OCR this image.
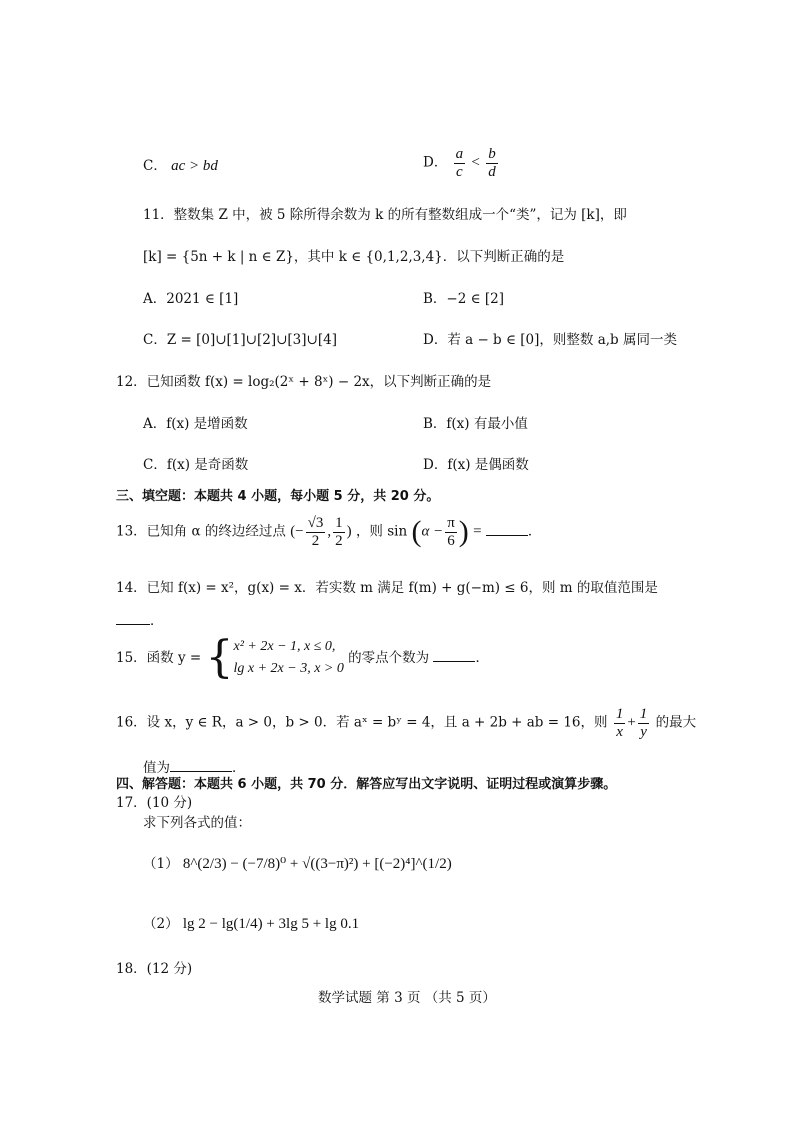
C． ac > bd	D． $\frac{a}{c} < \frac{b}{d}$
11．整数集 Z 中，被 5 除所得余数为 k 的所有整数组成一个“类”，记为 [k]，即
[k] = {5n + k | n ∈ Z}，其中 k ∈ {0,1,2,3,4}．以下判断正确的是
A．2021 ∈ [1]	B．−2 ∈ [2]
C．Z = [0]∪[1]∪[2]∪[3]∪[4]	D．若 a − b ∈ [0]，则整数 a,b 属同一类
12．已知函数 f(x) = log₂(2ˣ + 8ˣ) − 2x，以下判断正确的是
A．f(x) 是增函数	B．f(x) 有最小值
C．f(x) 是奇函数	D．f(x) 是偶函数
三、填空题：本题共 4 小题，每小题 5 分，共 20 分。
13．已知角 α 的终边经过点 (− $\frac{√3}{2}$ , $\frac{1}{2}$ ) ，则 $\sin (\alpha - \frac{\pi}{6}$ ) =	．
14．已知 f(x) = x²，g(x) = x．若实数 m 满足 f(m) + g(−m) ≤ 6，则 m 的取值范围是
．
15．函数 y = { x² + 2x − 1, x ≤ 0,
lg x + 2x − 3, x > 0
的零点个数为	．
16．设 x，y ∈ R，a > 0，b > 0．若 aˣ = bʸ = 4，且 a + 2b + ab = 16，则 $\frac{1}{x} + \frac{1}{y}$ 的最大
值为	．
四、解答题：本题共 6 小题，共 70 分．解答应写出文字说明、证明过程或演算步骤。
17．(10 分)
求下列各式的值：
（1） 8^(2/3) − (−7/8)⁰ + √((3−π)²) + [(−2)⁴]^(1/2)
（2） lg 2 − lg(1/4) + 3lg 5 + lg 0.1
18．(12 分)
数学试题 第 3 页 （共 5 页）
